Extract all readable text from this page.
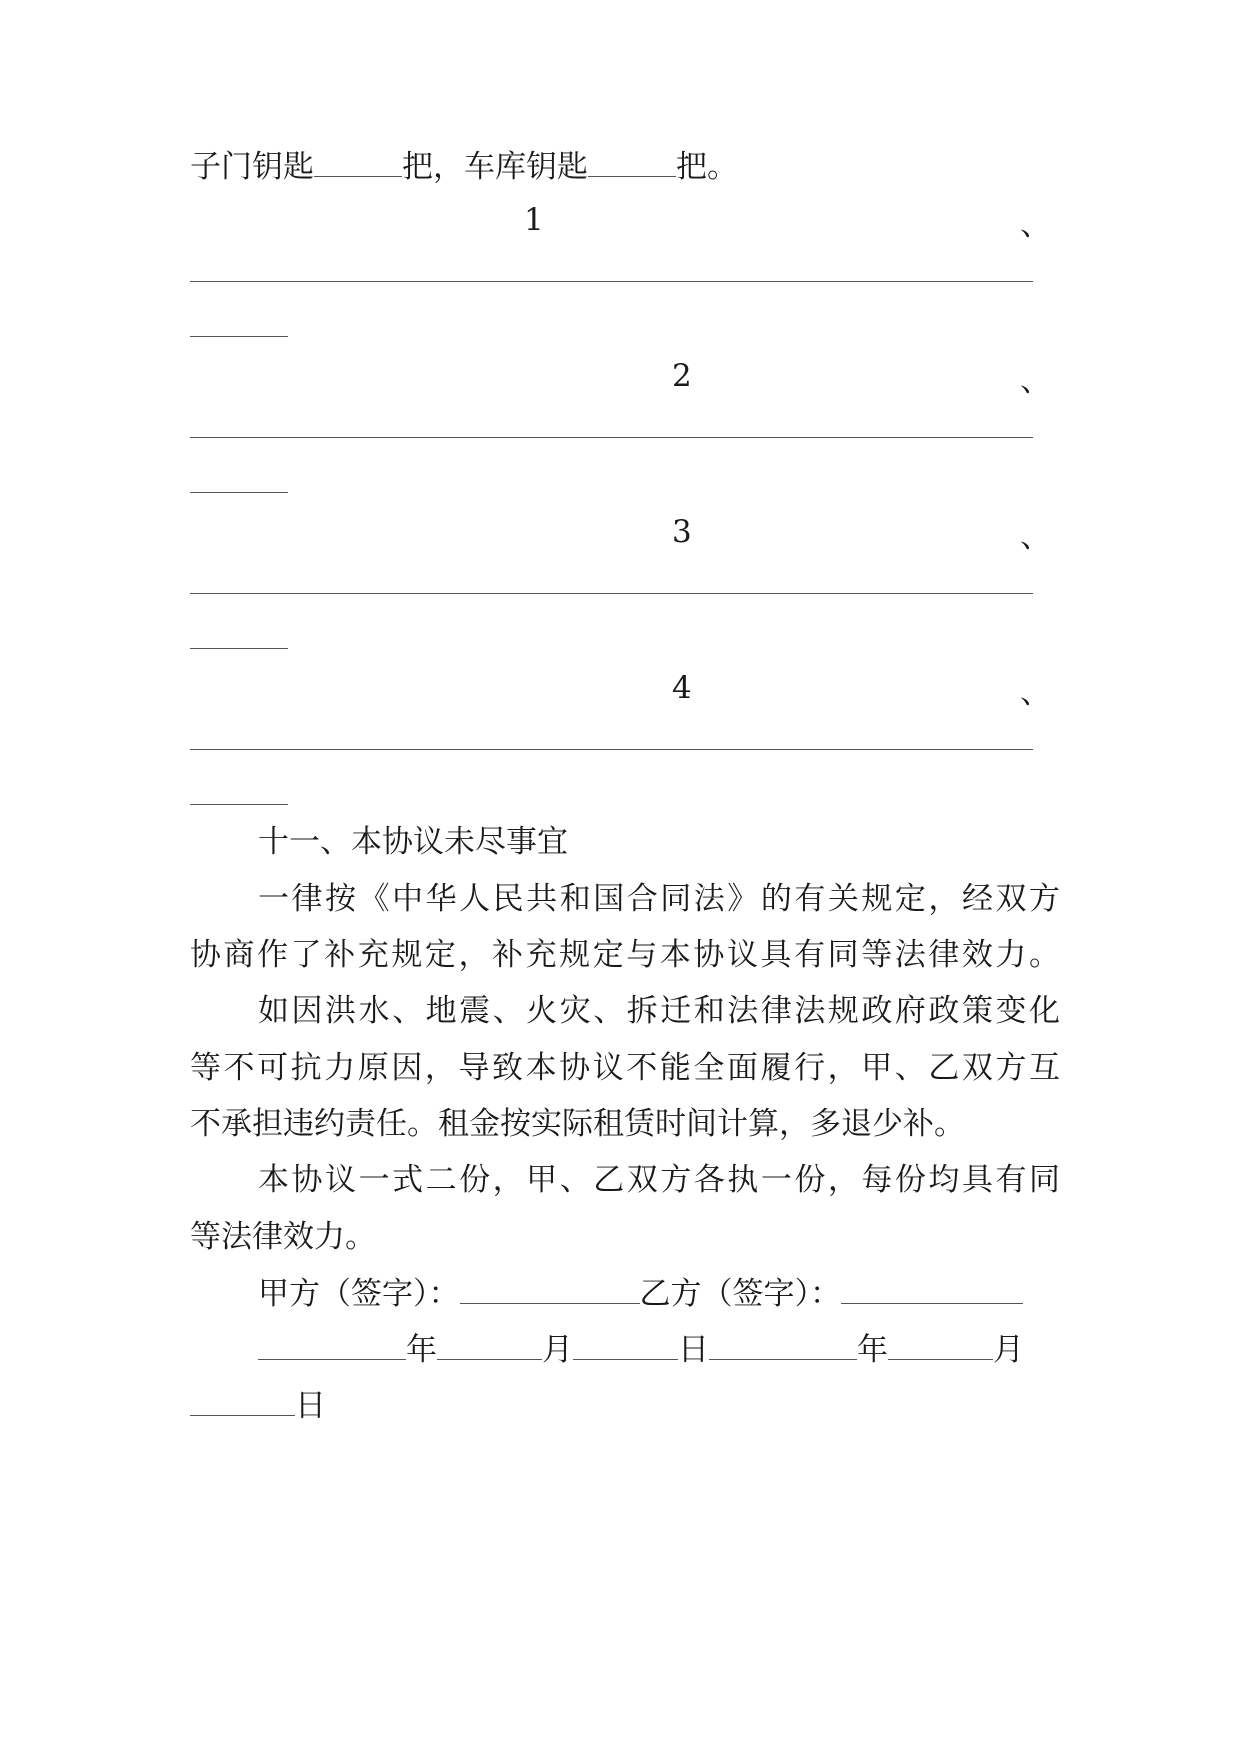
子门钥匙	把，车库钥匙	把。
1	、
2	、
3	、
4	、
十一、本协议未尽事宜
一律按《中华人民共和国合同法》的有关规定，经双方
协商作了补充规定，补充规定与本协议具有同等法律效力。
如因洪水、地震、火灾、拆迁和法律法规政府政策变化
等不可抗力原因，导致本协议不能全面履行，甲、乙双方互
不承担违约责任。租金按实际租赁时间计算，多退少补。
本协议一式二份，甲、乙双方各执一份，每份均具有同
等法律效力。
甲方（签字）：	乙方（签字）：
年	月	日	年	月
日
